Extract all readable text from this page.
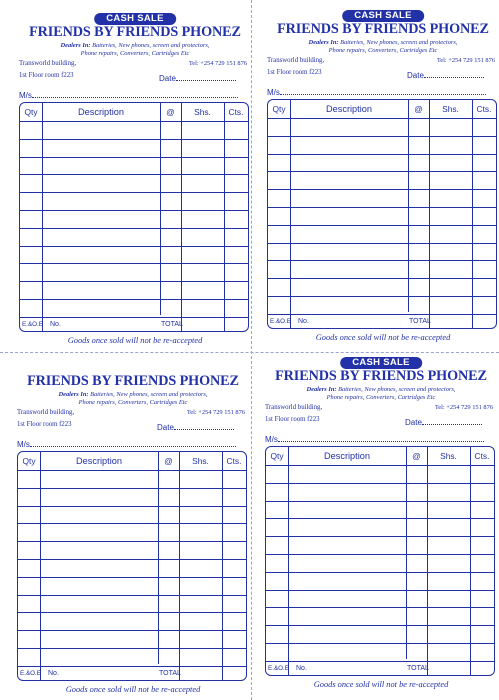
CASH SALE
FRIENDS BY FRIENDS PHONEZ
Dealers In: Batteries, New phones, screen and protectors,
Phone repairs, Converters, Cartridges Etc
Transworld building,
1st Floor room f223
Tel: +254 729 151 876
Date
M/s
Qty	Description	@	Shs.	Cts.
E.&O.E No.	TOTAL
Goods once sold will not be re-accepted
CASH SALE
FRIENDS BY FRIENDS PHONEZ
Dealers In: Batteries, New phones, screen and protectors,
Phone repairs, Converters, Cartridges Etc
Transworld building,
1st Floor room f223
Tel: +254 729 151 876
Date
M/s
Qty	Description	@	Shs.	Cts.
E.&O.E No.	TOTAL
Goods once sold will not be re-accepted
FRIENDS BY FRIENDS PHONEZ
Dealers In: Batteries, New phones, screen and protectors,
Phone repairs, Converters, Cartridges Etc
Transworld building,
1st Floor room f223
Tel: +254 729 151 876
Date
M/s
Qty	Description	@	Shs.	Cts.
E.&O.E No.	TOTAL
Goods once sold will not be re-accepted
CASH SALE
FRIENDS BY FRIENDS PHONEZ
Dealers In: Batteries, New phones, screen and protectors,
Phone repairs, Converters, Cartridges Etc
Transworld building,
1st Floor room f223
Tel: +254 729 151 876
Date
M/s
Qty	Description	@	Shs.	Cts.
E.&O.E No.	TOTAL
Goods once sold will not be re-accepted
